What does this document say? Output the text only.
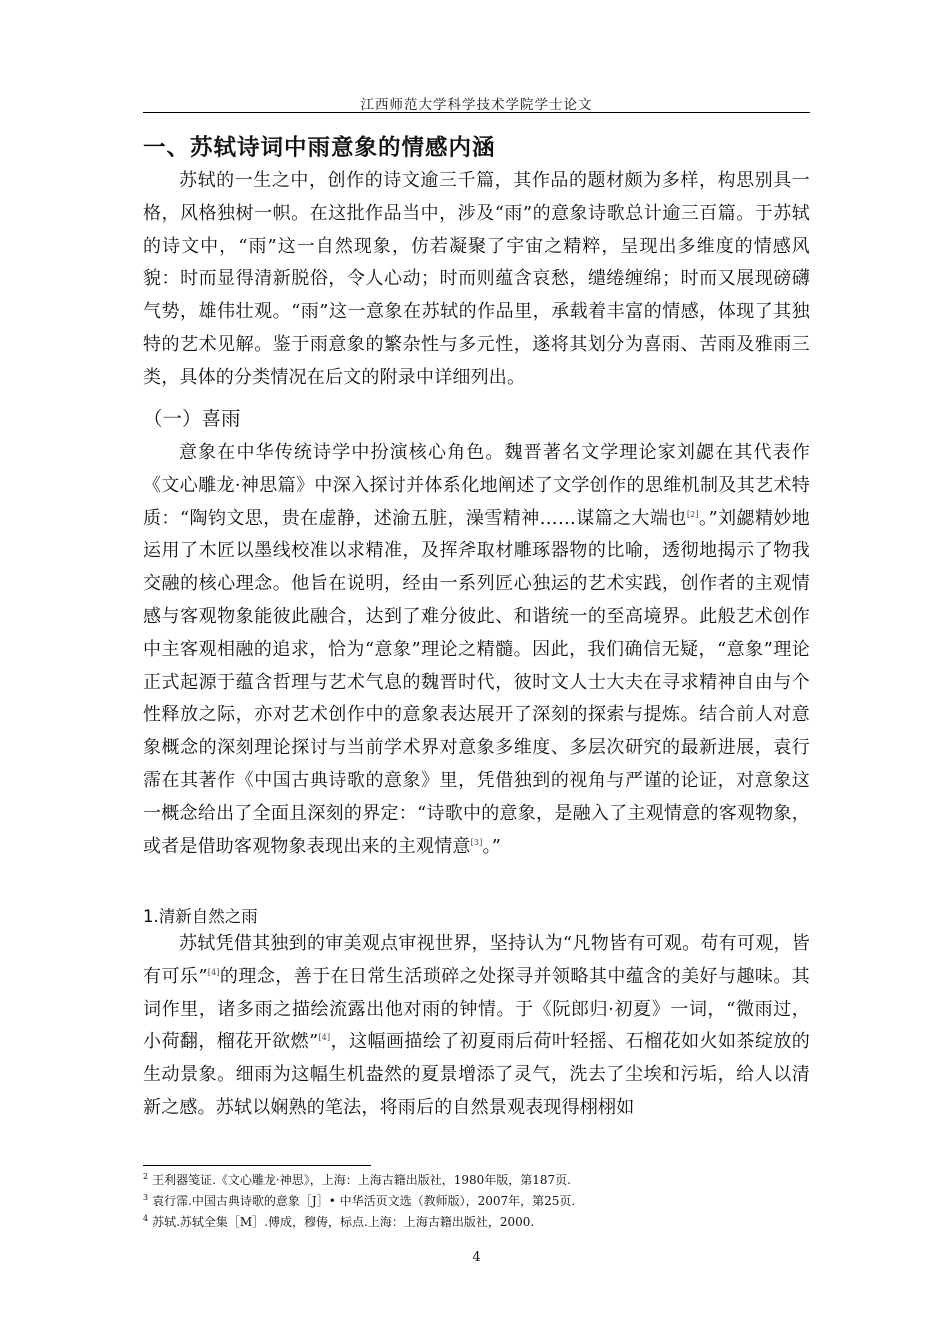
江西师范大学科学技术学院学士论文
一、苏轼诗词中雨意象的情感内涵

苏轼的一生之中，创作的诗文逾三千篇，其作品的题材颇为多样，构思别具一格，风格独树一帜。在这批作品当中，涉及“雨”的意象诗歌总计逾三百篇。于苏轼的诗文中，“雨”这一自然现象，仿若凝聚了宇宙之精粹，呈现出多维度的情感风貌：时而显得清新脱俗，令人心动；时而则蕴含哀愁，缱绻缠绵；时而又展现磅礴气势，雄伟壮观。“雨”这一意象在苏轼的作品里，承载着丰富的情感，体现了其独特的艺术见解。鉴于雨意象的繁杂性与多元性，遂将其划分为喜雨、苦雨及雅雨三类，具体的分类情况在后文的附录中详细列出。

（一）喜雨

意象在中华传统诗学中扮演核心角色。魏晋著名文学理论家刘勰在其代表作《文心雕龙·神思篇》中深入探讨并体系化地阐述了文学创作的思维机制及其艺术特质：“陶钧文思，贵在虚静，述渝五脏，澡雪精神……谋篇之大端也[2]。”刘勰精妙地运用了木匠以墨线校准以求精准，及挥斧取材雕琢器物的比喻，透彻地揭示了物我交融的核心理念。他旨在说明，经由一系列匠心独运的艺术实践，创作者的主观情感与客观物象能彼此融合，达到了难分彼此、和谐统一的至高境界。此般艺术创作中主客观相融的追求，恰为“意象”理论之精髓。因此，我们确信无疑，“意象”理论正式起源于蕴含哲理与艺术气息的魏晋时代，彼时文人士大夫在寻求精神自由与个性释放之际，亦对艺术创作中的意象表达展开了深刻的探索与提炼。结合前人对意象概念的深刻理论探讨与当前学术界对意象多维度、多层次研究的最新进展，袁行霈在其著作《中国古典诗歌的意象》里，凭借独到的视角与严谨的论证，对意象这一概念给出了全面且深刻的界定：“诗歌中的意象，是融入了主观情意的客观物象，或者是借助客观物象表现出来的主观情意[3]。”

1.清新自然之雨

苏轼凭借其独到的审美观点审视世界，坚持认为“凡物皆有可观。苟有可观，皆有可乐”[4]的理念，善于在日常生活琐碎之处探寻并领略其中蕴含的美好与趣味。其词作里，诸多雨之描绘流露出他对雨的钟情。于《阮郎归·初夏》一词，“微雨过，小荷翻，榴花开欲燃”[4]，这幅画描绘了初夏雨后荷叶轻摇、石榴花如火如茶绽放的生动景象。细雨为这幅生机盎然的夏景增添了灵气，洗去了尘埃和污垢，给人以清新之感。苏轼以娴熟的笔法，将雨后的自然景观表现得栩栩如

$^2$ 王利器笺证.《文心雕龙·神思》，上海：上海古籍出版社，1980年版，第187页.
$^3$ 袁行霈.中国古典诗歌的意象［J］• 中华活页文选（教师版），2007年，第25页.
$^4$ 苏轼.苏轼全集［M］.傅成，穆俦，标点.上海：上海古籍出版社，2000.
4
